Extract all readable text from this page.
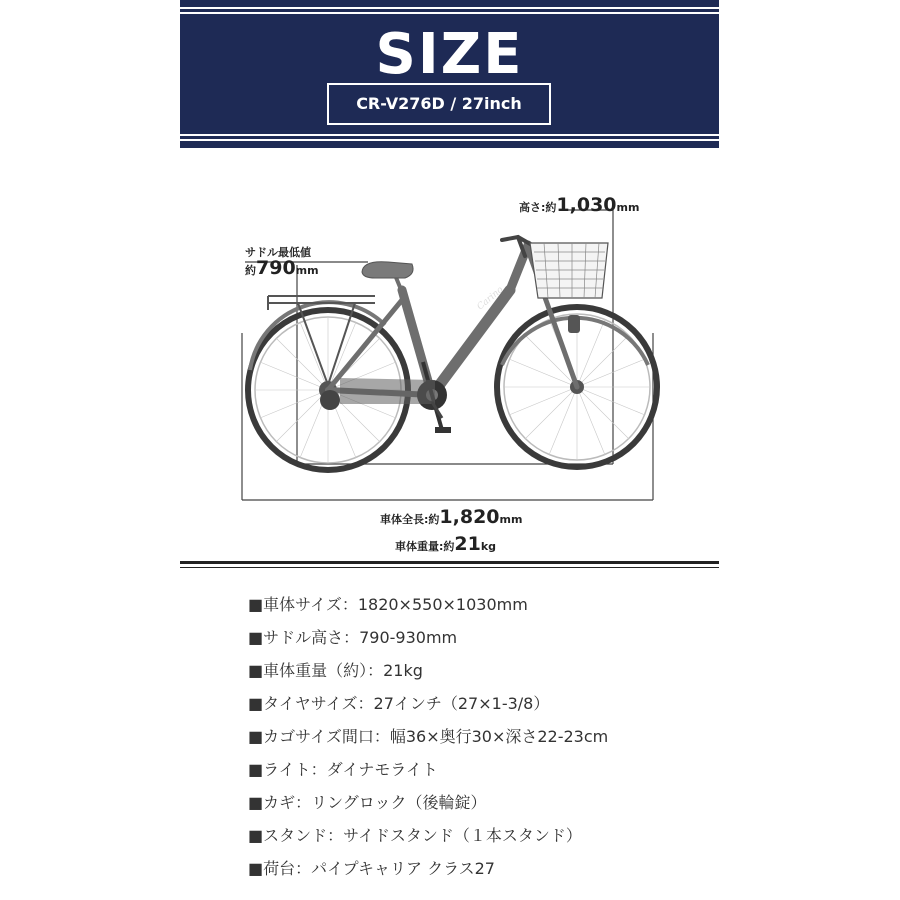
SIZE
CR-V276D / 27inch
Carino
高さ:約1,030mm
サドル最低値
約790mm
車体全長:約1,820mm
車体重量:約21kg
■車体サイズ：1820×550×1030mm
■サドル高さ：790-930mm
■車体重量（約）：21kg
■タイヤサイズ：27インチ（27×1-3/8）
■カゴサイズ間口：幅36×奥行30×深さ22-23cm
■ライト：ダイナモライト
■カギ：リングロック（後輪錠）
■スタンド：サイドスタンド（１本スタンド）
■荷台：パイプキャリア クラス27
